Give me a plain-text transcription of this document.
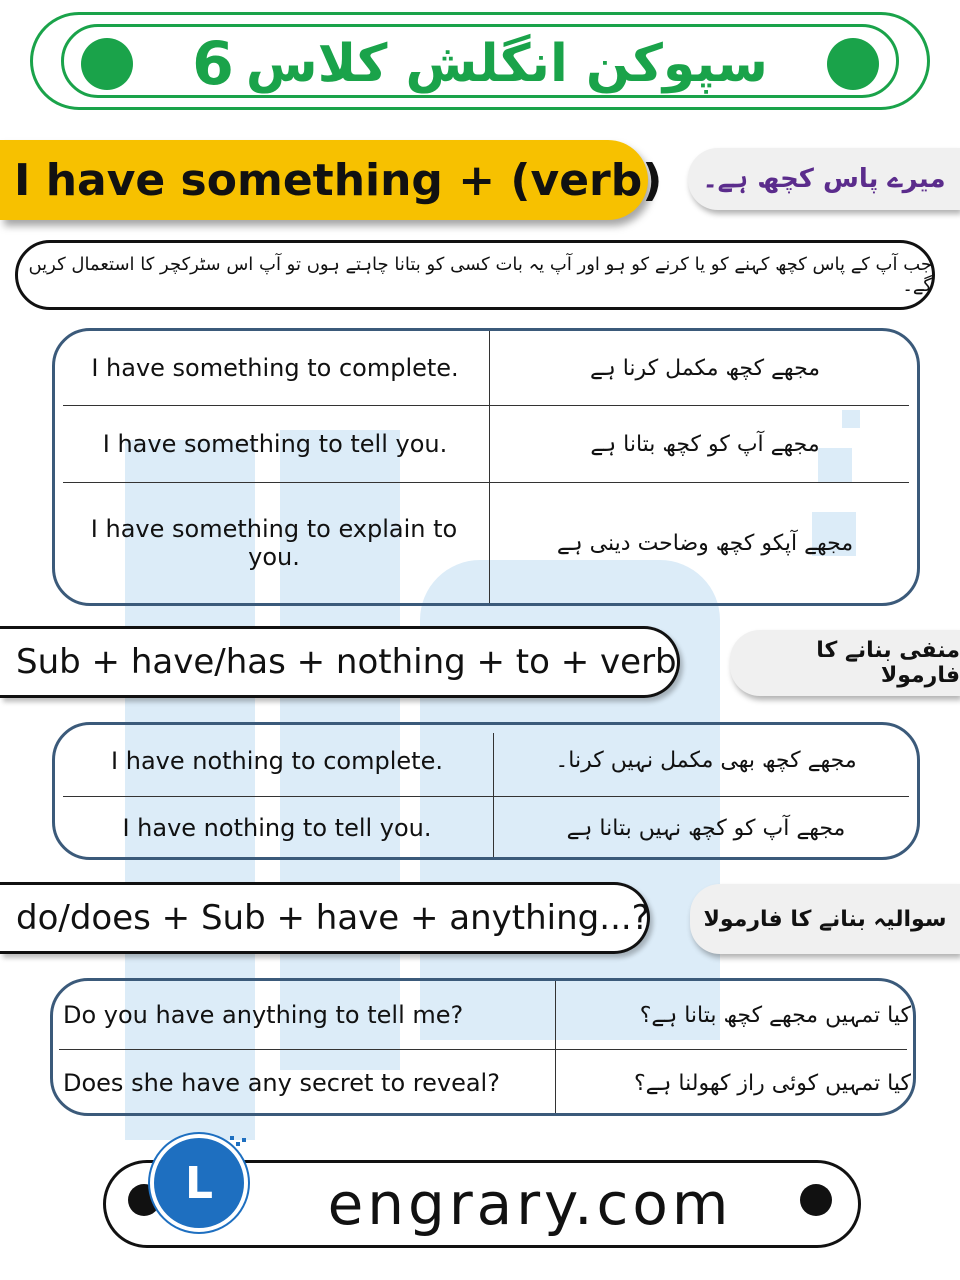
سپوکن انگلش کلاس
6
I have something + (verb)	میرے پاس کچھ ہے۔
جب آپ کے پاس کچھ کہنے کو یا کرنے کو ہو اور آپ یہ بات کسی کو بتانا چاہتے ہوں تو آپ اس سٹرکچر کا استعمال کریں گے۔
I have something to complete.	مجھے کچھ مکمل کرنا ہے
I have something to tell you.	مجھے آپ کو کچھ بتانا ہے
I have something to explain to you.	مجھے آپکو کچھ وضاحت دینی ہے
Sub + have/has + nothing + to + verb	منفی بنانے کا فارمولا
I have nothing to complete.	مجھے کچھ بھی مکمل نہیں کرنا۔
I have nothing to tell you.	مجھے آپ کو کچھ نہیں بتانا ہے
do/does + Sub + have + anything...?	سوالیہ بنانے کا فارمولا
Do you have anything to tell me?	کیا تمہیں مجھے کچھ بتانا ہے؟
Does she have any secret to reveal?	کیا تمہیں کوئی راز کھولنا ہے؟
L	engrary.com
